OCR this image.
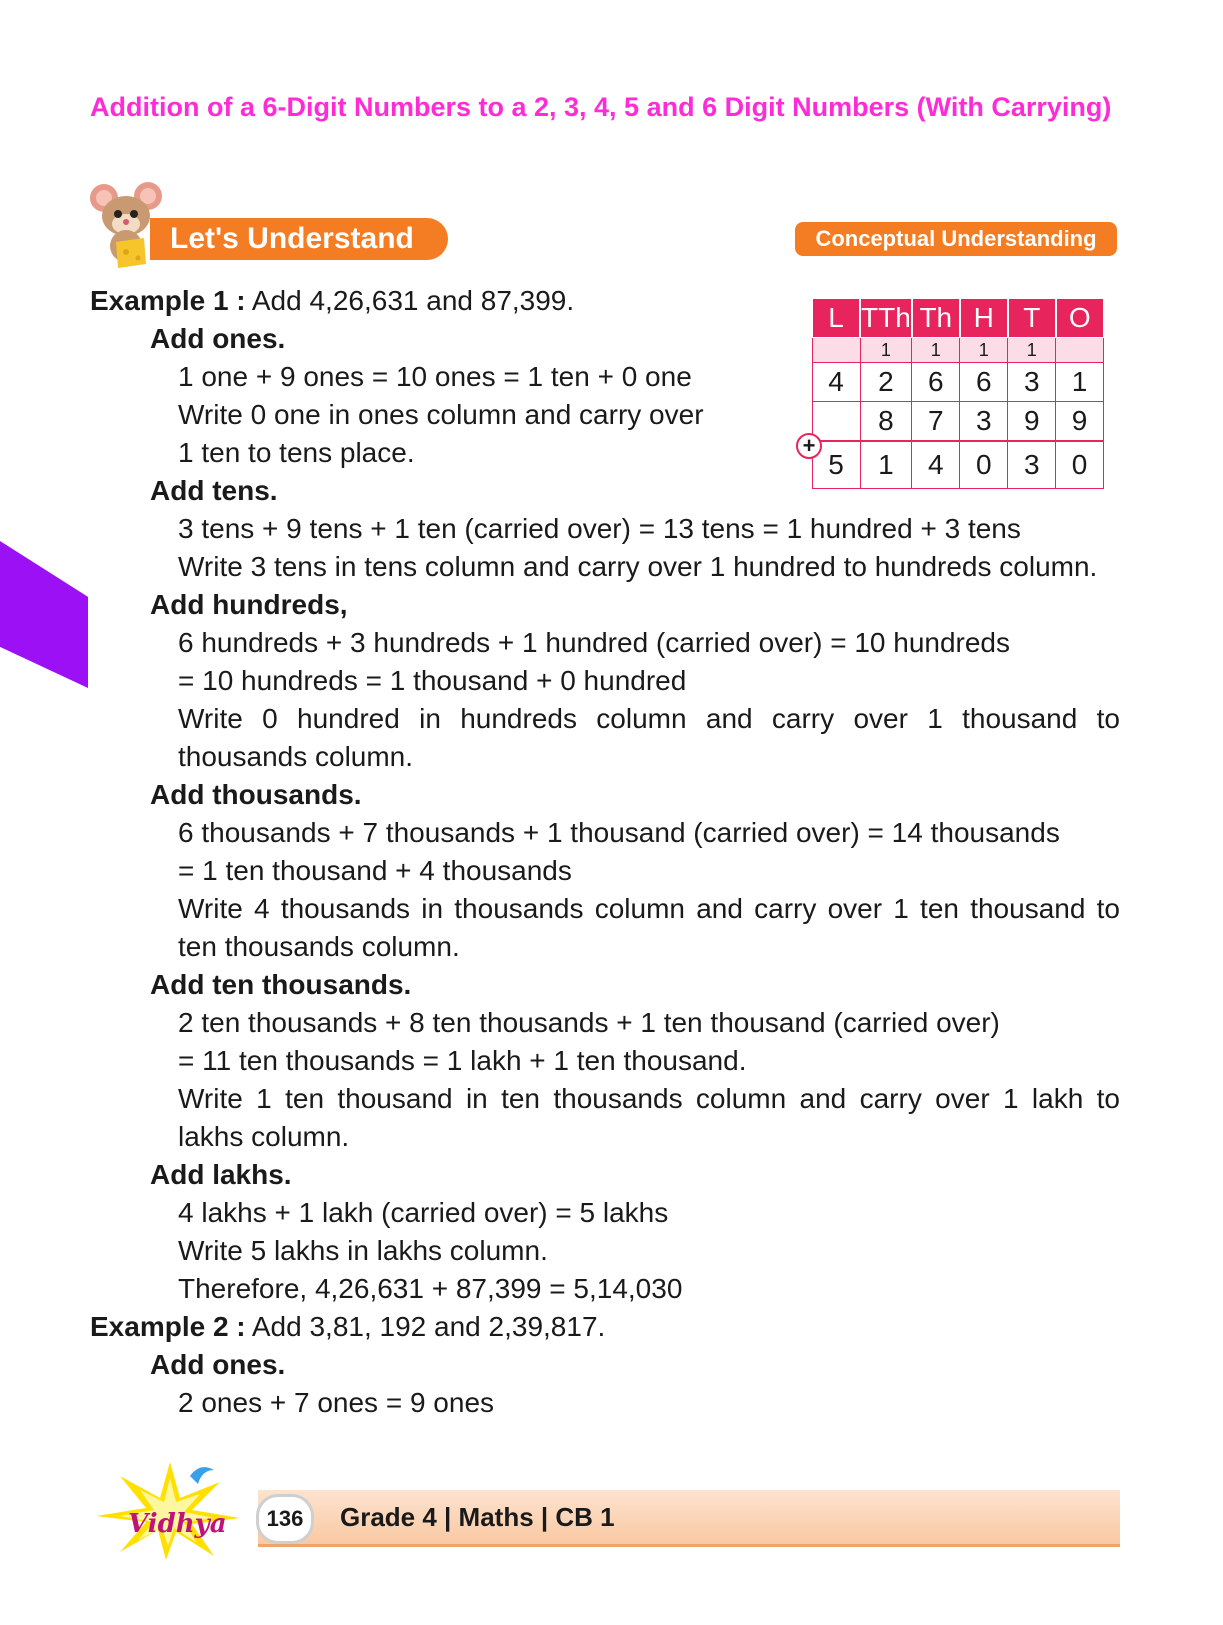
Addition of a 6-Digit Numbers to a 2, 3, 4, 5 and 6 Digit Numbers (With Carrying)
Let's Understand	Conceptual Understanding
L	TTh	Th	H	T	O
	1	1	1	1	
4	2	6	6	3	1
	8	7	3	9	9
5	1	4	0	3	0
+
Example 1 : Add 4,26,631 and 87,399.
Add ones.
1 one + 9 ones = 10 ones = 1 ten + 0 one
Write 0 one in ones column and carry over
1 ten to tens place.
Add tens.
3 tens + 9 tens + 1 ten (carried over) = 13 tens = 1 hundred + 3 tens
Write 3 tens in tens column and carry over 1 hundred to hundreds column.
Add hundreds,
6 hundreds + 3 hundreds + 1 hundred (carried over) = 10 hundreds
= 10 hundreds = 1 thousand + 0 hundred
Write 0 hundred in hundreds column and carry over 1 thousand to thousands column.
Add thousands.
6 thousands + 7 thousands + 1 thousand (carried over) = 14 thousands
= 1 ten thousand + 4 thousands
Write 4 thousands in thousands column and carry over 1 ten thousand to ten thousands column.
Add ten thousands.
2 ten thousands + 8 ten thousands + 1 ten thousand (carried over)
= 11 ten thousands = 1 lakh + 1 ten thousand.
Write 1 ten thousand in ten thousands column and carry over 1 lakh to lakhs column.
Add lakhs.
4 lakhs + 1 lakh (carried over) = 5 lakhs
Write 5 lakhs in lakhs column.
Therefore, 4,26,631 + 87,399 = 5,14,030
Example 2 : Add 3,81, 192 and 2,39,817.
Add ones.
2 ones + 7 ones = 9 ones
Vidhya	136	Grade 4 | Maths | CB 1
